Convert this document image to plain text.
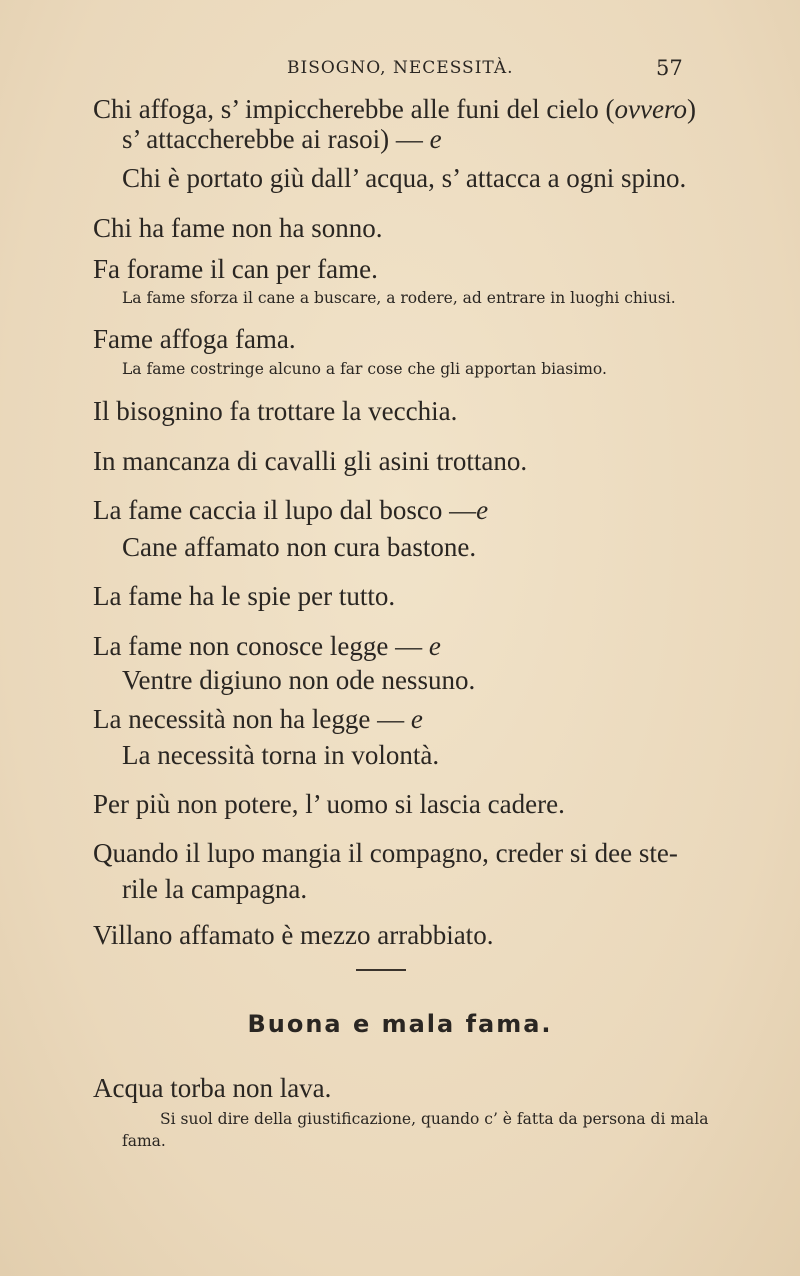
BISOGNO, NECESSITÀ.	57
Chi affoga, s’ impiccherebbe alle funi del cielo (ovvero)
s’ attaccherebbe ai rasoi) — e
Chi è portato giù dall’ acqua, s’ attacca a ogni spino.
Chi ha fame non ha sonno.
Fa forame il can per fame.
La fame sforza il cane a buscare, a rodere, ad entrare in luoghi chiusi.
Fame affoga fama.
La fame costringe alcuno a far cose che gli apportan biasimo.
Il bisognino fa trottare la vecchia.
In mancanza di cavalli gli asini trottano.
La fame caccia il lupo dal bosco —e
Cane affamato non cura bastone.
La fame ha le spie per tutto.
La fame non conosce legge — e
Ventre digiuno non ode nessuno.
La necessità non ha legge — e
La necessità torna in volontà.
Per più non potere, l’ uomo si lascia cadere.
Quando il lupo mangia il compagno, creder si dee ste-
rile la campagna.
Villano affamato è mezzo arrabbiato.
Buona e mala fama.
Acqua torba non lava.
Si suol dire della giustificazione, quando c’ è fatta da persona di mala
fama.
